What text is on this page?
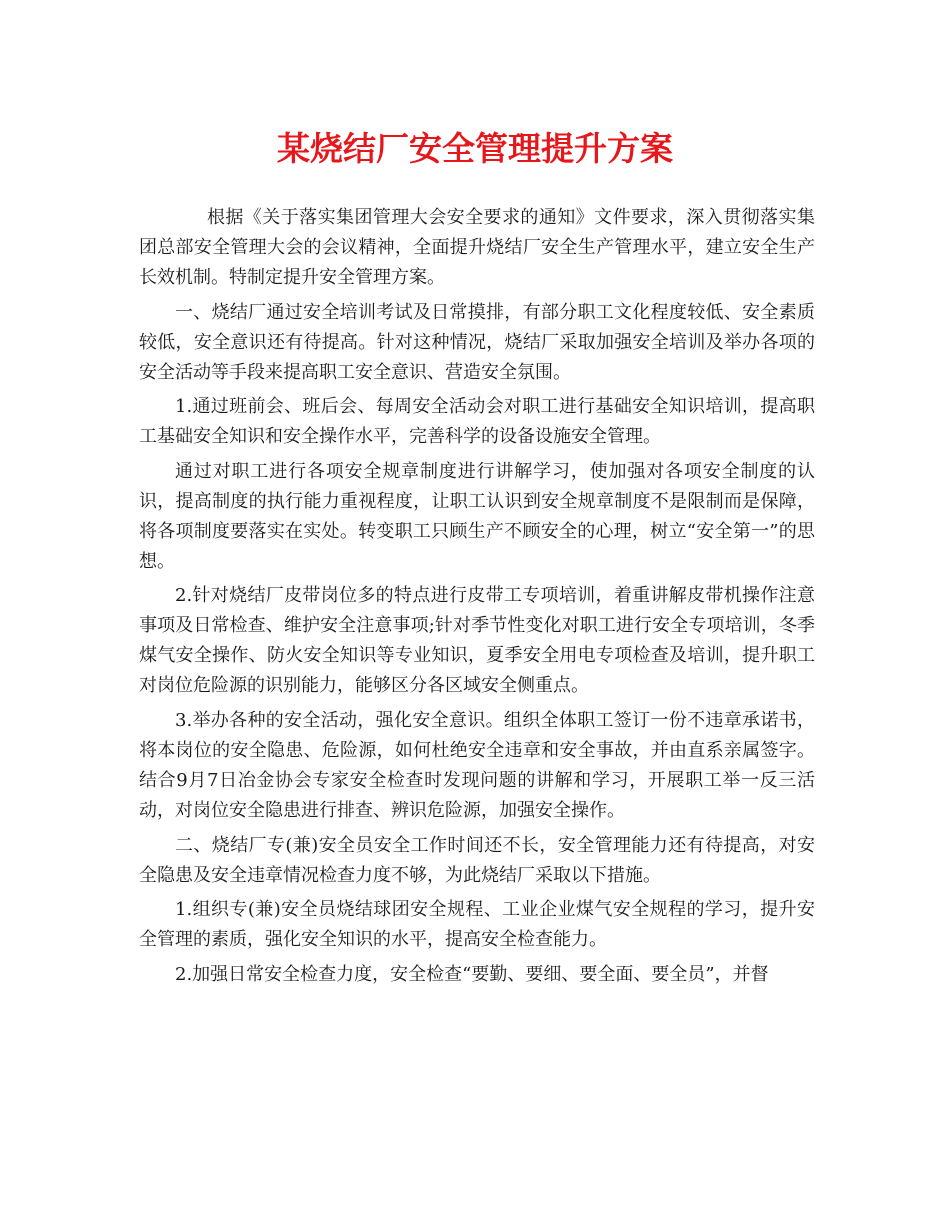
某烧结厂安全管理提升方案

根据《关于落实集团管理大会安全要求的通知》文件要求，深入贯彻落实集团总部安全管理大会的会议精神，全面提升烧结厂安全生产管理水平，建立安全生产长效机制。特制定提升安全管理方案。

一、烧结厂通过安全培训考试及日常摸排，有部分职工文化程度较低、安全素质较低，安全意识还有待提高。针对这种情况，烧结厂采取加强安全培训及举办各项的安全活动等手段来提高职工安全意识、营造安全氛围。

1.通过班前会、班后会、每周安全活动会对职工进行基础安全知识培训，提高职工基础安全知识和安全操作水平，完善科学的设备设施安全管理。

通过对职工进行各项安全规章制度进行讲解学习，使加强对各项安全制度的认识，提高制度的执行能力重视程度，让职工认识到安全规章制度不是限制而是保障，将各项制度要落实在实处。转变职工只顾生产不顾安全的心理，树立“安全第一”的思想。

2.针对烧结厂皮带岗位多的特点进行皮带工专项培训，着重讲解皮带机操作注意事项及日常检查、维护安全注意事项;针对季节性变化对职工进行安全专项培训，冬季煤气安全操作、防火安全知识等专业知识，夏季安全用电专项检查及培训，提升职工对岗位危险源的识别能力，能够区分各区域安全侧重点。

3.举办各种的安全活动，强化安全意识。组织全体职工签订一份不违章承诺书，将本岗位的安全隐患、危险源，如何杜绝安全违章和安全事故，并由直系亲属签字。结合9月7日冶金协会专家安全检查时发现问题的讲解和学习，开展职工举一反三活动，对岗位安全隐患进行排查、辨识危险源，加强安全操作。

二、烧结厂专(兼)安全员安全工作时间还不长，安全管理能力还有待提高，对安全隐患及安全违章情况检查力度不够，为此烧结厂采取以下措施。

1.组织专(兼)安全员烧结球团安全规程、工业企业煤气安全规程的学习，提升安全管理的素质，强化安全知识的水平，提高安全检查能力。

2.加强日常安全检查力度，安全检查“要勤、要细、要全面、要全员”，并督
